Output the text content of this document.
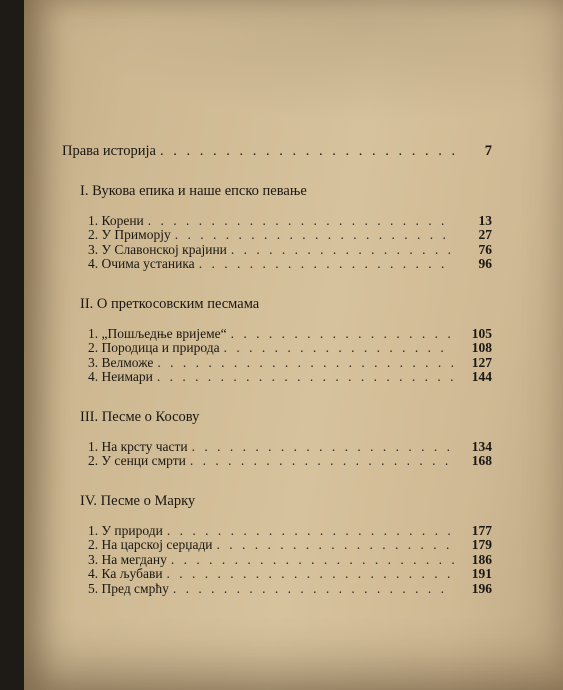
Права историја . . .	7
I. Вукова епика и наше епско певање
1. Корени . . .	13
2. У Приморју . . .	27
3. У Славонској крајини . . .	76
4. Очима устаника . . .	96
II. О преткосовским песмама
1. „Пошљедње вријеме“ . . .	105
2. Породица и природа . . .	108
3. Велможе . . .	127
4. Неимари . . .	144
III. Песме о Косову
1. На крсту части . . .	134
2. У сенци смрти . . .	168
IV. Песме о Марку
1. У природи . . .	177
2. На царској серџади . . .	179
3. На мегдану . . .	186
4. Ка љубави . . .	191
5. Пред смрћу . . .	196
